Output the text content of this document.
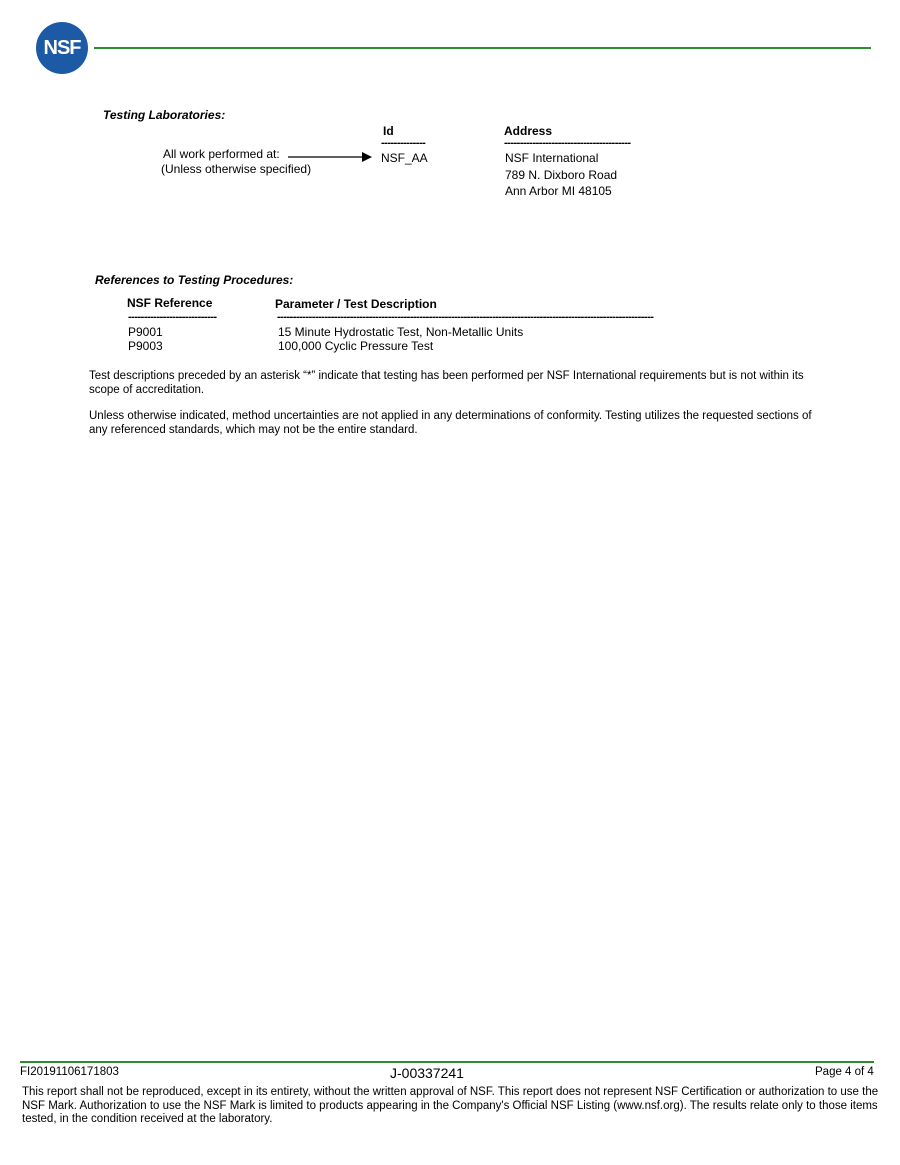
NSF
Testing Laboratories:
Id	Address
--------------	----------------------------------------
All work performed at:
(Unless otherwise specified)
NSF_AA	NSF International
789 N. Dixboro Road
Ann Arbor MI 48105
References to Testing Procedures:
NSF Reference	Parameter / Test Description
----------------------------	-----------------------------------------------------------------------------------------------------------------------
P9001	15 Minute Hydrostatic Test, Non-Metallic Units
P9003	100,000 Cyclic Pressure Test
Test descriptions preceded by an asterisk “*” indicate that testing has been performed per NSF International requirements but is not within its scope of accreditation.
Unless otherwise indicated, method uncertainties are not applied in any determinations of conformity. Testing utilizes the requested sections of any referenced standards, which may not be the entire standard.
FI20191106171803	J-00337241	Page 4 of 4
This report shall not be reproduced, except in its entirety, without the written approval of NSF. This report does not represent NSF Certification or authorization to use the NSF Mark. Authorization to use the NSF Mark is limited to products appearing in the Company's Official NSF Listing (www.nsf.org). The results relate only to those items tested, in the condition received at the laboratory.
